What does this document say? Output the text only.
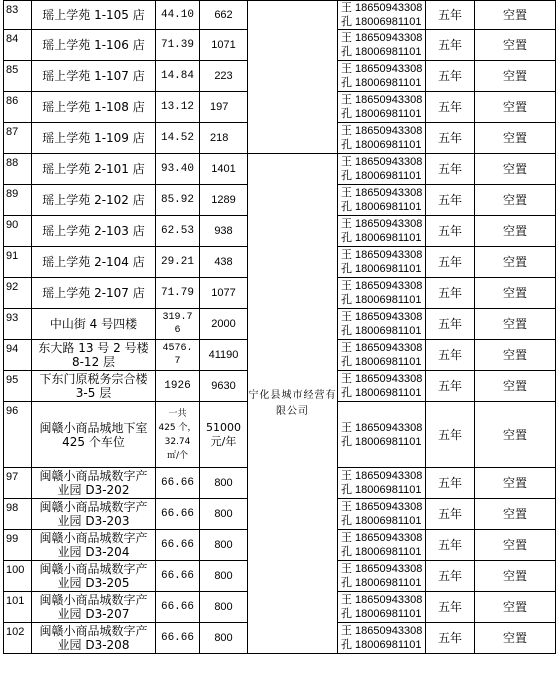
83	瑶上学苑 1-105 店	44.10	662		王 18650943308
孔 18006981101	五年	空置
84	瑶上学苑 1-106 店	71.39	1071		王 18650943308
孔 18006981101	五年	空置
85	瑶上学苑 1-107 店	14.84	223		王 18650943308
孔 18006981101	五年	空置
86	瑶上学苑 1-108 店	13.12	197		王 18650943308
孔 18006981101	五年	空置
87	瑶上学苑 1-109 店	14.52	218		王 18650943308
孔 18006981101	五年	空置
88	瑶上学苑 2-101 店	93.40	1401	宁化县城市经营有限公司	王 18650943308
孔 18006981101	五年	空置
89	瑶上学苑 2-102 店	85.92	1289		王 18650943308
孔 18006981101	五年	空置
90	瑶上学苑 2-103 店	62.53	938		王 18650943308
孔 18006981101	五年	空置
91	瑶上学苑 2-104 店	29.21	438		王 18650943308
孔 18006981101	五年	空置
92	瑶上学苑 2-107 店	71.79	1077		王 18650943308
孔 18006981101	五年	空置
93	中山街 4 号四楼	319.7
6	2000		王 18650943308
孔 18006981101	五年	空置
94	东大路 13 号 2 号楼
8-12 层	4576.
7	41190		王 18650943308
孔 18006981101	五年	空置
95	下东门原税务宗合楼
3-5 层	1926	9630		王 18650943308
孔 18006981101	五年	空置
96	闽赣小商品城地下室
425 个车位	一共
425 个，
32.74
㎡/个	51000
元/年		王 18650943308
孔 18006981101	五年	空置
97	闽赣小商品城数字产
业园 D3-202	66.66	800		王 18650943308
孔 18006981101	五年	空置
98	闽赣小商品城数字产
业园 D3-203	66.66	800		王 18650943308
孔 18006981101	五年	空置
99	闽赣小商品城数字产
业园 D3-204	66.66	800		王 18650943308
孔 18006981101	五年	空置
100	闽赣小商品城数字产
业园 D3-205	66.66	800		王 18650943308
孔 18006981101	五年	空置
101	闽赣小商品城数字产
业园 D3-207	66.66	800		王 18650943308
孔 18006981101	五年	空置
102	闽赣小商品城数字产
业园 D3-208	66.66	800		王 18650943308
孔 18006981101	五年	空置
